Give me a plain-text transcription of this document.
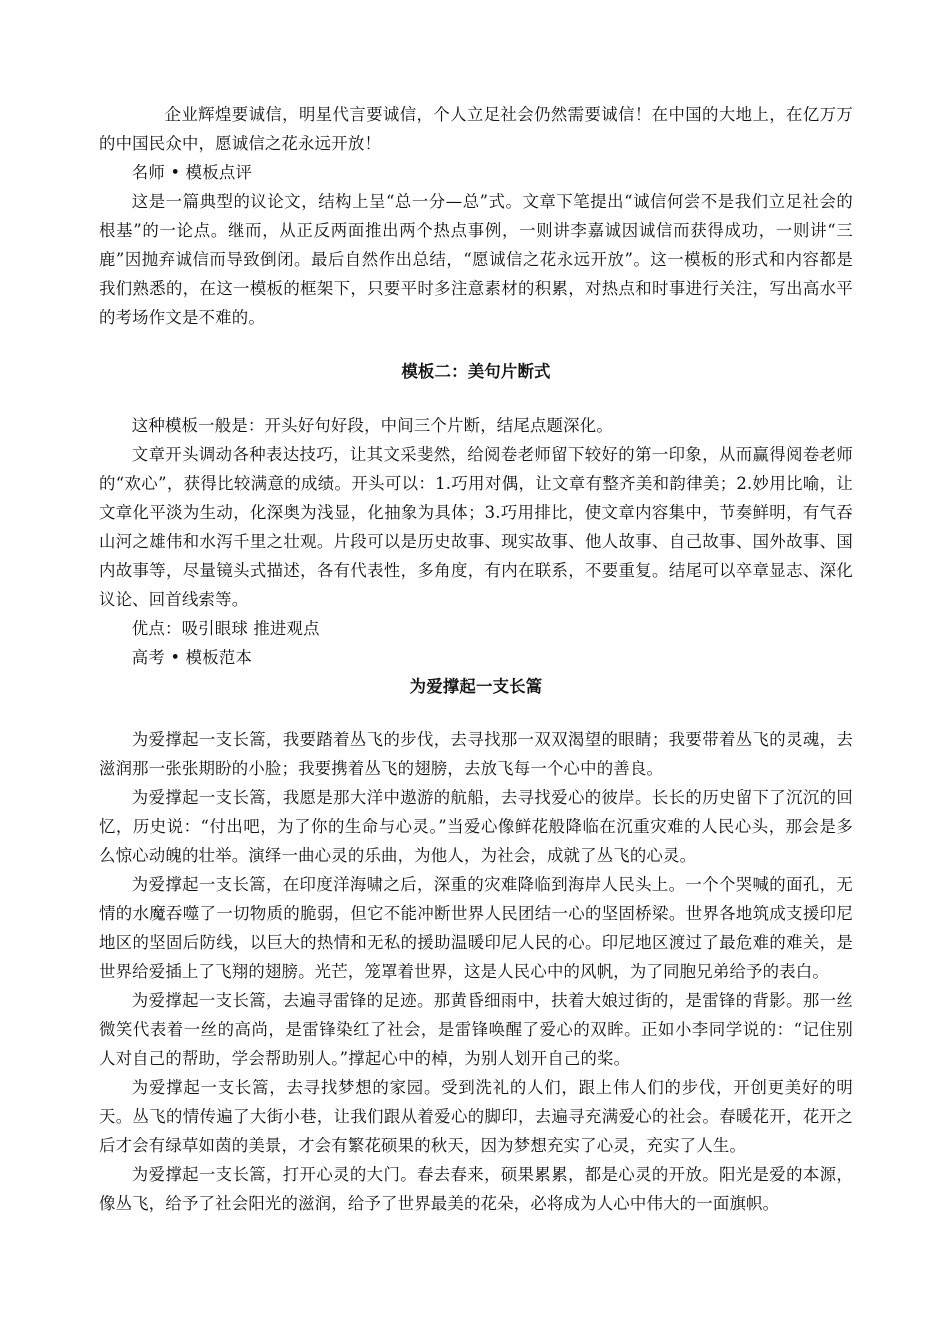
企业辉煌要诚信，明星代言要诚信，个人立足社会仍然需要诚信！在中国的大地上，在亿万万的中国民众中，愿诚信之花永远开放！

名师 • 模板点评

这是一篇典型的议论文，结构上呈“总一分—总”式。文章下笔提出“诚信何尝不是我们立足社会的根基”的一论点。继而，从正反两面推出两个热点事例，一则讲李嘉诚因诚信而获得成功，一则讲“三鹿”因抛弃诚信而导致倒闭。最后自然作出总结，“愿诚信之花永远开放”。这一模板的形式和内容都是我们熟悉的，在这一模板的框架下，只要平时多注意素材的积累，对热点和时事进行关注，写出高水平的考场作文是不难的。

模板二：美句片断式

这种模板一般是：开头好句好段，中间三个片断，结尾点题深化。

文章开头调动各种表达技巧，让其文采斐然，给阅卷老师留下较好的第一印象，从而赢得阅卷老师的“欢心”，获得比较满意的成绩。开头可以：1.巧用对偶，让文章有整齐美和韵律美；2.妙用比喻，让文章化平淡为生动，化深奥为浅显，化抽象为具体；3.巧用排比，使文章内容集中，节奏鲜明，有气吞山河之雄伟和水泻千里之壮观。片段可以是历史故事、现实故事、他人故事、自己故事、国外故事、国内故事等，尽量镜头式描述，各有代表性，多角度，有内在联系，不要重复。结尾可以卒章显志、深化议论、回首线索等。

优点：吸引眼球 推进观点

高考 • 模板范本

为爱撑起一支长篙

为爱撑起一支长篙，我要踏着丛飞的步伐，去寻找那一双双渴望的眼睛；我要带着丛飞的灵魂，去滋润那一张张期盼的小脸；我要携着丛飞的翅膀，去放飞每一个心中的善良。

为爱撑起一支长篙，我愿是那大洋中遨游的航船，去寻找爱心的彼岸。长长的历史留下了沉沉的回忆，历史说：“付出吧，为了你的生命与心灵。”当爱心像鲜花般降临在沉重灾难的人民心头，那会是多么惊心动魄的壮举。演绎一曲心灵的乐曲，为他人，为社会，成就了丛飞的心灵。

为爱撑起一支长篙，在印度洋海啸之后，深重的灾难降临到海岸人民头上。一个个哭喊的面孔，无情的水魔吞噬了一切物质的脆弱，但它不能冲断世界人民团结一心的坚固桥梁。世界各地筑成支援印尼地区的坚固后防线，以巨大的热情和无私的援助温暖印尼人民的心。印尼地区渡过了最危难的难关，是世界给爱插上了飞翔的翅膀。光芒，笼罩着世界，这是人民心中的风帆，为了同胞兄弟给予的表白。

为爱撑起一支长篙，去遍寻雷锋的足迹。那黄昏细雨中，扶着大娘过街的，是雷锋的背影。那一丝微笑代表着一丝的高尚，是雷锋染红了社会，是雷锋唤醒了爱心的双眸。正如小李同学说的：“记住别人对自己的帮助，学会帮助别人。”撑起心中的棹，为别人划开自己的桨。

为爱撑起一支长篙，去寻找梦想的家园。受到洗礼的人们，跟上伟人们的步伐，开创更美好的明天。丛飞的情传遍了大街小巷，让我们跟从着爱心的脚印，去遍寻充满爱心的社会。春暖花开，花开之后才会有绿草如茵的美景，才会有繁花硕果的秋天，因为梦想充实了心灵，充实了人生。

为爱撑起一支长篙，打开心灵的大门。春去春来，硕果累累，都是心灵的开放。阳光是爱的本源，像丛飞，给予了社会阳光的滋润，给予了世界最美的花朵，必将成为人心中伟大的一面旗帜。
